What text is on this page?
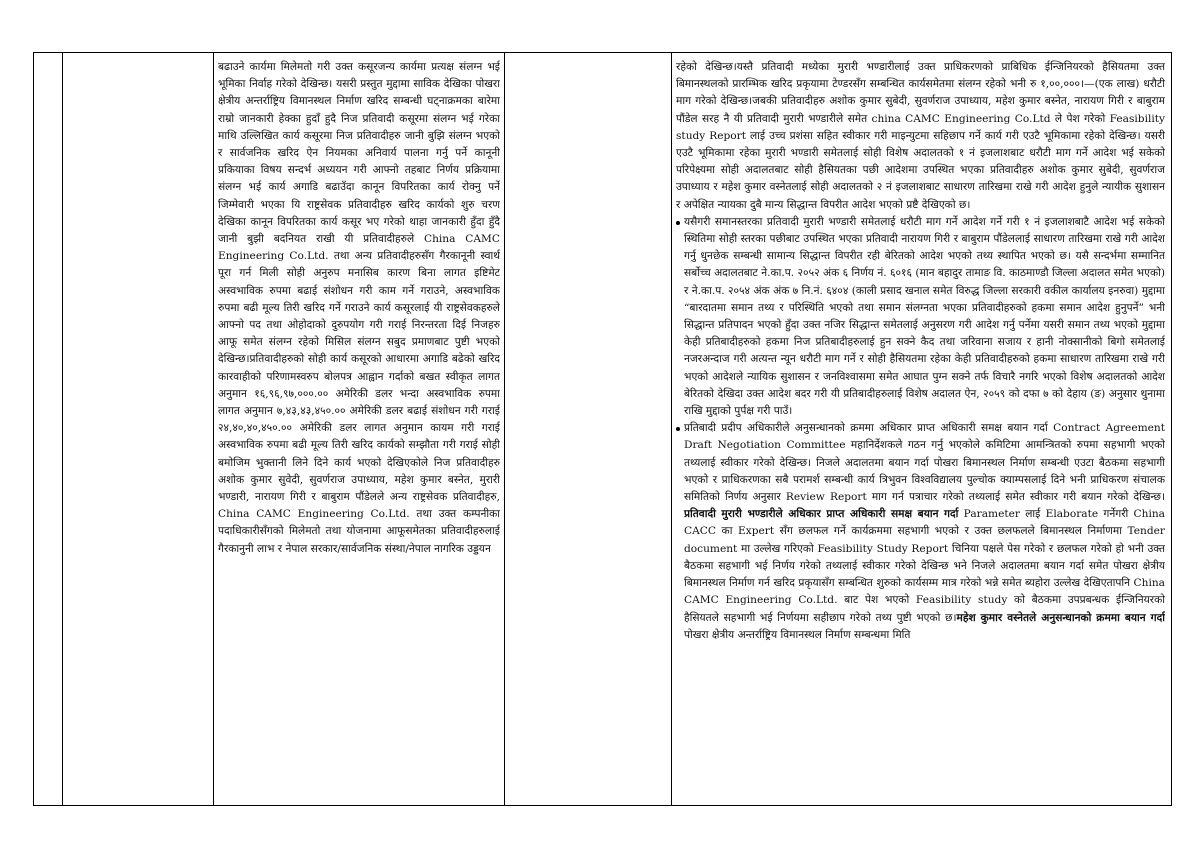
बढाउने कार्यमा मिलेमतो गरी उक्त कसूरजन्य कार्यमा प्रत्यक्ष संलग्न भई भूमिका निर्वाह गरेको देखिन्छ। यसरी प्रस्तुत मुद्दामा साविक देखिका पोखरा क्षेत्रीय अन्तर्राष्ट्रिय विमानस्थल निर्माण खरिद सम्बन्धी घट्नाक्रमका बारेमा राम्रो जानकारी हेक्का हुदाँ हुदै निज प्रतिवादी कसूरमा संलग्न भई गरेका माथि उल्लिखित कार्य कसूरमा निज प्रतिवादीहरु जानी बुझि संलग्न भएको र सार्वजनिक खरिद ऐन नियमका अनिवार्य पालना गर्नु पर्ने कानूनी प्रकियाका विषय सन्दर्भ अध्ययन गरी आफ्नो तहबाट निर्णय प्रक्रियामा संलग्न भई कार्य अगाडि बढाउँदा कानून विपरितका कार्य रोक्नु पर्ने जिम्मेवारी भएका यि राष्ट्रसेवक प्रतिवादीहरु खरिद कार्यको शुरु चरण देखिका कानून विपरितका कार्य कसूर भए गरेको थाहा जानकारी हुँदा हुँदै जानी बुझी बदनियत राखी यी प्रतिवादीहरुले China CAMC Engineering Co.Ltd. तथा अन्य प्रतिवादीहरुसँग गैरकानूनी स्वार्थ पूरा गर्न मिली सोही अनुरुप मनासिब कारण बिना लागत इष्टिमेट अस्वभाविक रुपमा बढाई संशोधन गरी काम गर्ने गराउने, अस्वभाविक रुपमा बढी मूल्य तिरी खरिद गर्ने गराउने कार्य कसूरलाई यी राष्ट्रसेवकहरुले आफ्नो पद तथा ओहोदाको दुरुपयोग गरी गराई निरन्तरता दिई निजहरु आफू समेत संलग्न रहेको मिसिल संलग्न सबुद प्रमाणबाट पुष्टी भएको देखिन्छ।प्रतिवादीहरुको सोही कार्य कसूरको आधारमा अगाडि बढेको खरिद कारवाहीको परिणामस्वरुप बोलपत्र आह्वान गर्दाको बखत स्वीकृत लागत अनुमान १६,९६,९७,०००.०० अमेरिकी डलर भन्दा अस्वभाविक रुपमा लागत अनुमान ७,४३,४३,४५०.०० अमेरिकी डलर बढाई संशोधन गरी गराई २४,४०,४०,४५०.०० अमेरिकी डलर लागत अनुमान कायम गरी गराई अस्वभाविक रुपमा बढी मूल्य तिरी खरिद कार्यको सम्झौता गरी गराई सोही बमोजिम भुक्तानी लिने दिने कार्य भएको देखिएकोले निज प्रतिवादीहरु अशोक कुमार सुवेदी, सुवर्णराज उपाध्याय, महेश कुमार बस्नेत, मुरारी भण्डारी, नारायण गिरी र बाबुराम पौंडेलले अन्य राष्ट्रसेवक प्रतिवादीहरु, China CAMC Engineering Co.Ltd. तथा उक्त कम्पनीका पदाधिकारीसँगको मिलेमतो तथा योजनामा आफूसमेतका प्रतिवादीहरुलाई गैरकानुनी लाभ र नेपाल सरकार/सार्वजनिक संस्था/नेपाल नागरिक उड्डयन

रहेको देखिन्छ।यस्तै प्रतिवादी मध्येका मुरारी भण्डारीलाई उक्त प्राधिकरणको प्राबिधिक ईन्जिनियरको हैसियतमा उक्त बिमानस्थलको प्रारम्भिक खरिद प्रकृयामा टेण्डरसँग सम्बन्धित कार्यसमेतमा संलग्न रहेको भनी रु १,००,०००।—(एक लाख) धरौटी माग गरेको देखिन्छ।जबकी प्रतिवादीहरु अशोक कुमार सुबेदी, सुवर्णराज उपाध्याय, महेश कुमार बस्नेत, नारायण गिरी र बाबुराम पौंडेल सरह नै यी प्रतिवादी मुरारी भण्डारीले समेत china CAMC Engineering Co.Ltd ले पेश गरेको Feasibility study Report लाई उच्च प्रशंसा सहित स्वीकार गरी माइन्युटमा सहिछाप गर्ने कार्य गरी एउटै भूमिकामा रहेको देखिन्छ। यसरी एउटै भूमिकामा रहेका मुरारी भण्डारी समेतलाई सोही विशेष अदालतको १ नं इजलाशबाट धरौटी माग गर्ने आदेश भई सकेको परिपेक्ष्यमा सोही अदालतबाट सोही हैसियतका पछी आदेशमा उपस्थित भएका प्रतिवादीहरु अशोक कुमार सुबेदी, सुवर्णराज उपाध्याय र महेश कुमार वस्नेतलाई सोही अदालतको २ नं इजलाशबाट साधारण तारिखमा राखे गरी आदेश हुनुले न्यायीक सुशासन र अपेक्षित न्यायका दुबै मान्य सिद्धान्त विपरीत आदेश भएको प्रष्टै देखिएको छ।

यसैगरी समानस्तरका प्रतिवादी मुरारी भण्डारी समेतलाई धरौटी माग गर्ने आदेश गर्ने गरी १ नं इजलाशबाटै आदेश भई सकेको स्थितिमा सोही स्तरका पछीबाट उपस्थित भएका प्रतिवादी नारायण गिरी र बाबुराम पौंडेललाई साधारण तारिखमा राखे गरी आदेश गर्नु धुनछेक सम्बन्धी सामान्य सिद्धान्त विपरीत रही बेरितको आदेश भएको तथ्य स्थापित भएको छ। यसै सन्दर्भमा सम्मानित सर्बोच्च अदालतबाट ने.का.प. २०५२ अंक ६ निर्णय नं. ६०१६ (मान बहादुर तामाङ वि. काठमाण्डौ जिल्ला अदालत समेत भएको) र ने.का.प. २०५४ अंक अंक ७ नि.नं. ६४०४ (काली प्रसाद खनाल समेत विरुद्ध जिल्ला सरकारी वकील कार्यालय इनरुवा) मुद्दामा “बारदातमा समान तथ्य र परिस्थिति भएको तथा समान संलग्नता भएका प्रतिवादीहरुको हकमा समान आदेश हुनुपर्ने” भनी सिद्धान्त प्रतिपादन भएको हुँदा उक्त नजिर सिद्धान्त समेतलाई अनुसरण गरी आदेश गर्नु पर्नेमा यसरी समान तथ्य भएको मुद्दामा केही प्रतिबादीहरुको हकमा निज प्रतिबादीहरुलाई हुन सक्ने कैद तथा जरिवाना सजाय र हानी नोक्सानीको बिगो समेतलाई नजरअन्दाज गरी अत्यन्त न्यून धरौटी माग गर्ने र सोही हैसियतमा रहेका केही प्रतिवादीहरुको हकमा साधारण तारिखमा राखे गरी भएको आदेशले न्यायिक सुशासन र जनविश्वासमा समेत आघात पुग्न सक्ने तर्फ विचारै नगरि भएको विशेष अदालतको आदेश बेरितको देखिदा उक्त आदेश बदर गरी यी प्रतिबादीहरुलाई विशेष अदालत ऐन, २०५९ को दफा ७ को देहाय (ङ) अनुसार थुनामा राखि मुद्दाको पुर्पक्ष गरी पाउँ।

प्रतिबादी प्रदीप अधिकारीले अनुसन्धानको क्रममा अधिकार प्राप्त अधिकारी समक्ष बयान गर्दा Contract Agreement Draft Negotiation Committee महानिर्देशकले गठन गर्नु भएकोले कमिटिमा आमन्त्रितको रुपमा सहभागी भएको तथ्यलाई स्वीकार गरेको देखिन्छ। निजले अदालतमा बयान गर्दा पोखरा बिमानस्थल निर्माण सम्बन्धी एउटा बैठकमा सहभागी भएको र प्राधिकरणका सबै परामर्श सम्बन्धी कार्य त्रिभुवन विश्वविद्यालय पुल्चोक क्याम्पसलाई दिने भनी प्राधिकरण संचालक समितिको निर्णय अनुसार Review Report माग गर्न पत्राचार गरेको तथ्यलाई समेत स्वीकार गरी बयान गरेको देखिन्छ।प्रतिवादी मुरारी भण्डारीले अधिकार प्राप्त अधिकारी समक्ष बयान गर्दा Parameter लाई Elaborate गर्नेगरी China CACC का Expert सँग छलफल गर्ने कार्यक्रममा सहभागी भएको र उक्त छलफलले बिमानस्थल निर्माणमा Tender document मा उल्लेख गरिएको Feasibility Study Report चिनिया पक्षले पेस गरेको र छलफल गरेको हो भनी उक्त बैठकमा सहभागी भई निर्णय गरेको तथ्यलाई स्वीकार गरेको देखिन्छ भने निजले अदालतमा बयान गर्दा समेत पोखरा क्षेत्रीय बिमानस्थल निर्माण गर्न खरिद प्रकृयासँग सम्बन्धित शुरुको कार्यसम्म मात्र गरेको भन्ने समेत ब्यहोरा उल्लेख देखिएतापनि China CAMC Engineering Co.Ltd. बाट पेश भएको Feasibility study को बैठकमा उपप्रबन्धक ईन्जिनियरको हैसियतले सहभागी भई निर्णयमा सहीछाप गरेको तथ्य पुष्टी भएको छ।महेश कुमार वस्नेतले अनुसन्धानको क्रममा बयान गर्दा पोखरा क्षेत्रीय अन्तर्राष्ट्रिय विमानस्थल निर्माण सम्बन्धमा मिति
